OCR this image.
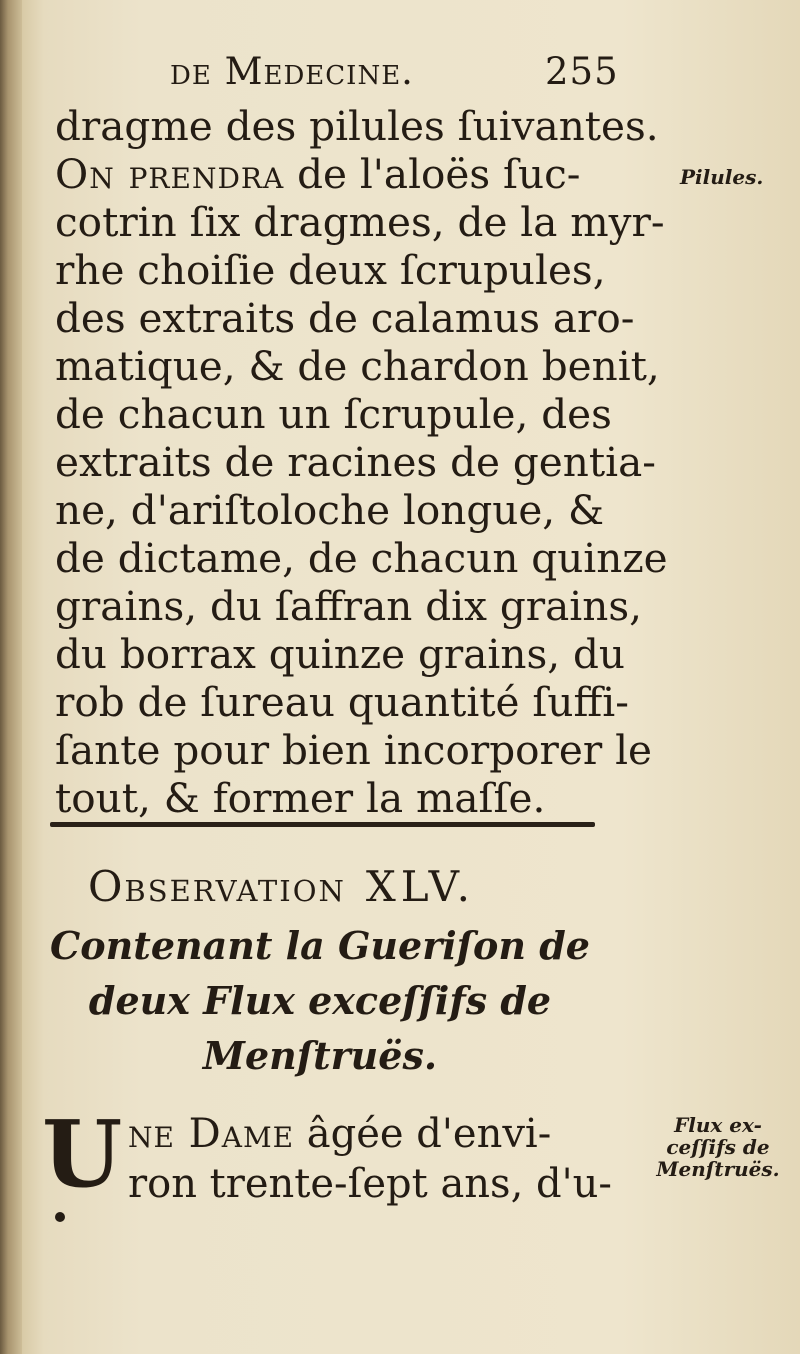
de Medecine.	255
dragme des pilules ſuivantes.
On prendra de l'aloës ſuc-
cotrin ſix dragmes, de la myr-
rhe choiſie deux ſcrupules,
des extraits de calamus aro-
matique, & de chardon benit,
de chacun un ſcrupule, des
extraits de racines de gentia-
ne, d'ariſtoloche longue, &
de dictame, de chacun quinze
grains, du ſaffran dix grains,
du borrax quinze grains, du
rob de ſureau quantité ſuffi-
ſante pour bien incorporer le
tout, & former la maſſe.
Pilules.
Observation XLV.
Contenant la Gueriſon de
deux Flux exceſſifs de
Menſtruës.
U ne Dame âgée d'envi-
ron trente-ſept ans, d'u-
Flux ex-
ceſſifs de
Menſtruës.
